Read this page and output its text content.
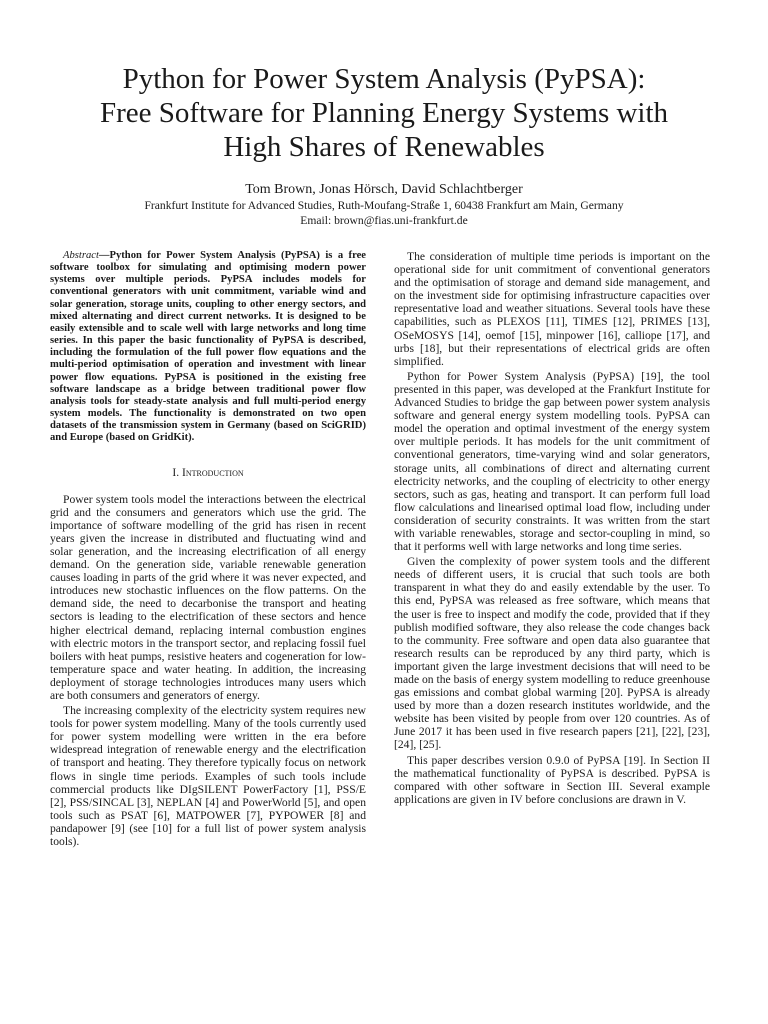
Python for Power System Analysis (PyPSA):
Free Software for Planning Energy Systems with
High Shares of Renewables
Tom Brown, Jonas Hörsch, David Schlachtberger
Frankfurt Institute for Advanced Studies, Ruth-Moufang-Straße 1, 60438 Frankfurt am Main, Germany
Email: brown@fias.uni-frankfurt.de

Abstract—Python for Power System Analysis (PyPSA) is a free software toolbox for simulating and optimising modern power systems over multiple periods. PyPSA includes models for conventional generators with unit commitment, variable wind and solar generation, storage units, coupling to other energy sectors, and mixed alternating and direct current networks. It is designed to be easily extensible and to scale well with large networks and long time series. In this paper the basic functionality of PyPSA is described, including the formulation of the full power flow equations and the multi-period optimisation of operation and investment with linear power flow equations. PyPSA is positioned in the existing free software landscape as a bridge between traditional power flow analysis tools for steady-state analysis and full multi-period energy system models. The functionality is demonstrated on two open datasets of the transmission system in Germany (based on SciGRID) and Europe (based on GridKit).

I. Introduction

Power system tools model the interactions between the electrical grid and the consumers and generators which use the grid. The importance of software modelling of the grid has risen in recent years given the increase in distributed and fluctuating wind and solar generation, and the increasing electrification of all energy demand. On the generation side, variable renewable generation causes loading in parts of the grid where it was never expected, and introduces new stochastic influences on the flow patterns. On the demand side, the need to decarbonise the transport and heating sectors is leading to the electrification of these sectors and hence higher electrical demand, replacing internal combustion engines with electric motors in the transport sector, and replacing fossil fuel boilers with heat pumps, resistive heaters and cogeneration for low-temperature space and water heating. In addition, the increasing deployment of storage technologies introduces many users which are both consumers and generators of energy.

The increasing complexity of the electricity system requires new tools for power system modelling. Many of the tools currently used for power system modelling were written in the era before widespread integration of renewable energy and the electrification of transport and heating. They therefore typically focus on network flows in single time periods. Examples of such tools include commercial products like DIgSILENT PowerFactory [1], PSS/E [2], PSS/SINCAL [3], NEPLAN [4] and PowerWorld [5], and open tools such as PSAT [6], MATPOWER [7], PYPOWER [8] and pandapower [9] (see [10] for a full list of power system analysis tools).

The consideration of multiple time periods is important on the operational side for unit commitment of conventional generators and the optimisation of storage and demand side management, and on the investment side for optimising infrastructure capacities over representative load and weather situations. Several tools have these capabilities, such as PLEXOS [11], TIMES [12], PRIMES [13], OSeMOSYS [14], oemof [15], minpower [16], calliope [17], and urbs [18], but their representations of electrical grids are often simplified.

Python for Power System Analysis (PyPSA) [19], the tool presented in this paper, was developed at the Frankfurt Institute for Advanced Studies to bridge the gap between power system analysis software and general energy system modelling tools. PyPSA can model the operation and optimal investment of the energy system over multiple periods. It has models for the unit commitment of conventional generators, time-varying wind and solar generators, storage units, all combinations of direct and alternating current electricity networks, and the coupling of electricity to other energy sectors, such as gas, heating and transport. It can perform full load flow calculations and linearised optimal load flow, including under consideration of security constraints. It was written from the start with variable renewables, storage and sector-coupling in mind, so that it performs well with large networks and long time series.

Given the complexity of power system tools and the different needs of different users, it is crucial that such tools are both transparent in what they do and easily extendable by the user. To this end, PyPSA was released as free software, which means that the user is free to inspect and modify the code, provided that if they publish modified software, they also release the code changes back to the community. Free software and open data also guarantee that research results can be reproduced by any third party, which is important given the large investment decisions that will need to be made on the basis of energy system modelling to reduce greenhouse gas emissions and combat global warming [20]. PyPSA is already used by more than a dozen research institutes worldwide, and the website has been visited by people from over 120 countries. As of June 2017 it has been used in five research papers [21], [22], [23], [24], [25].

This paper describes version 0.9.0 of PyPSA [19]. In Section II the mathematical functionality of PyPSA is described. PyPSA is compared with other software in Section III. Several example applications are given in IV before conclusions are drawn in V.
